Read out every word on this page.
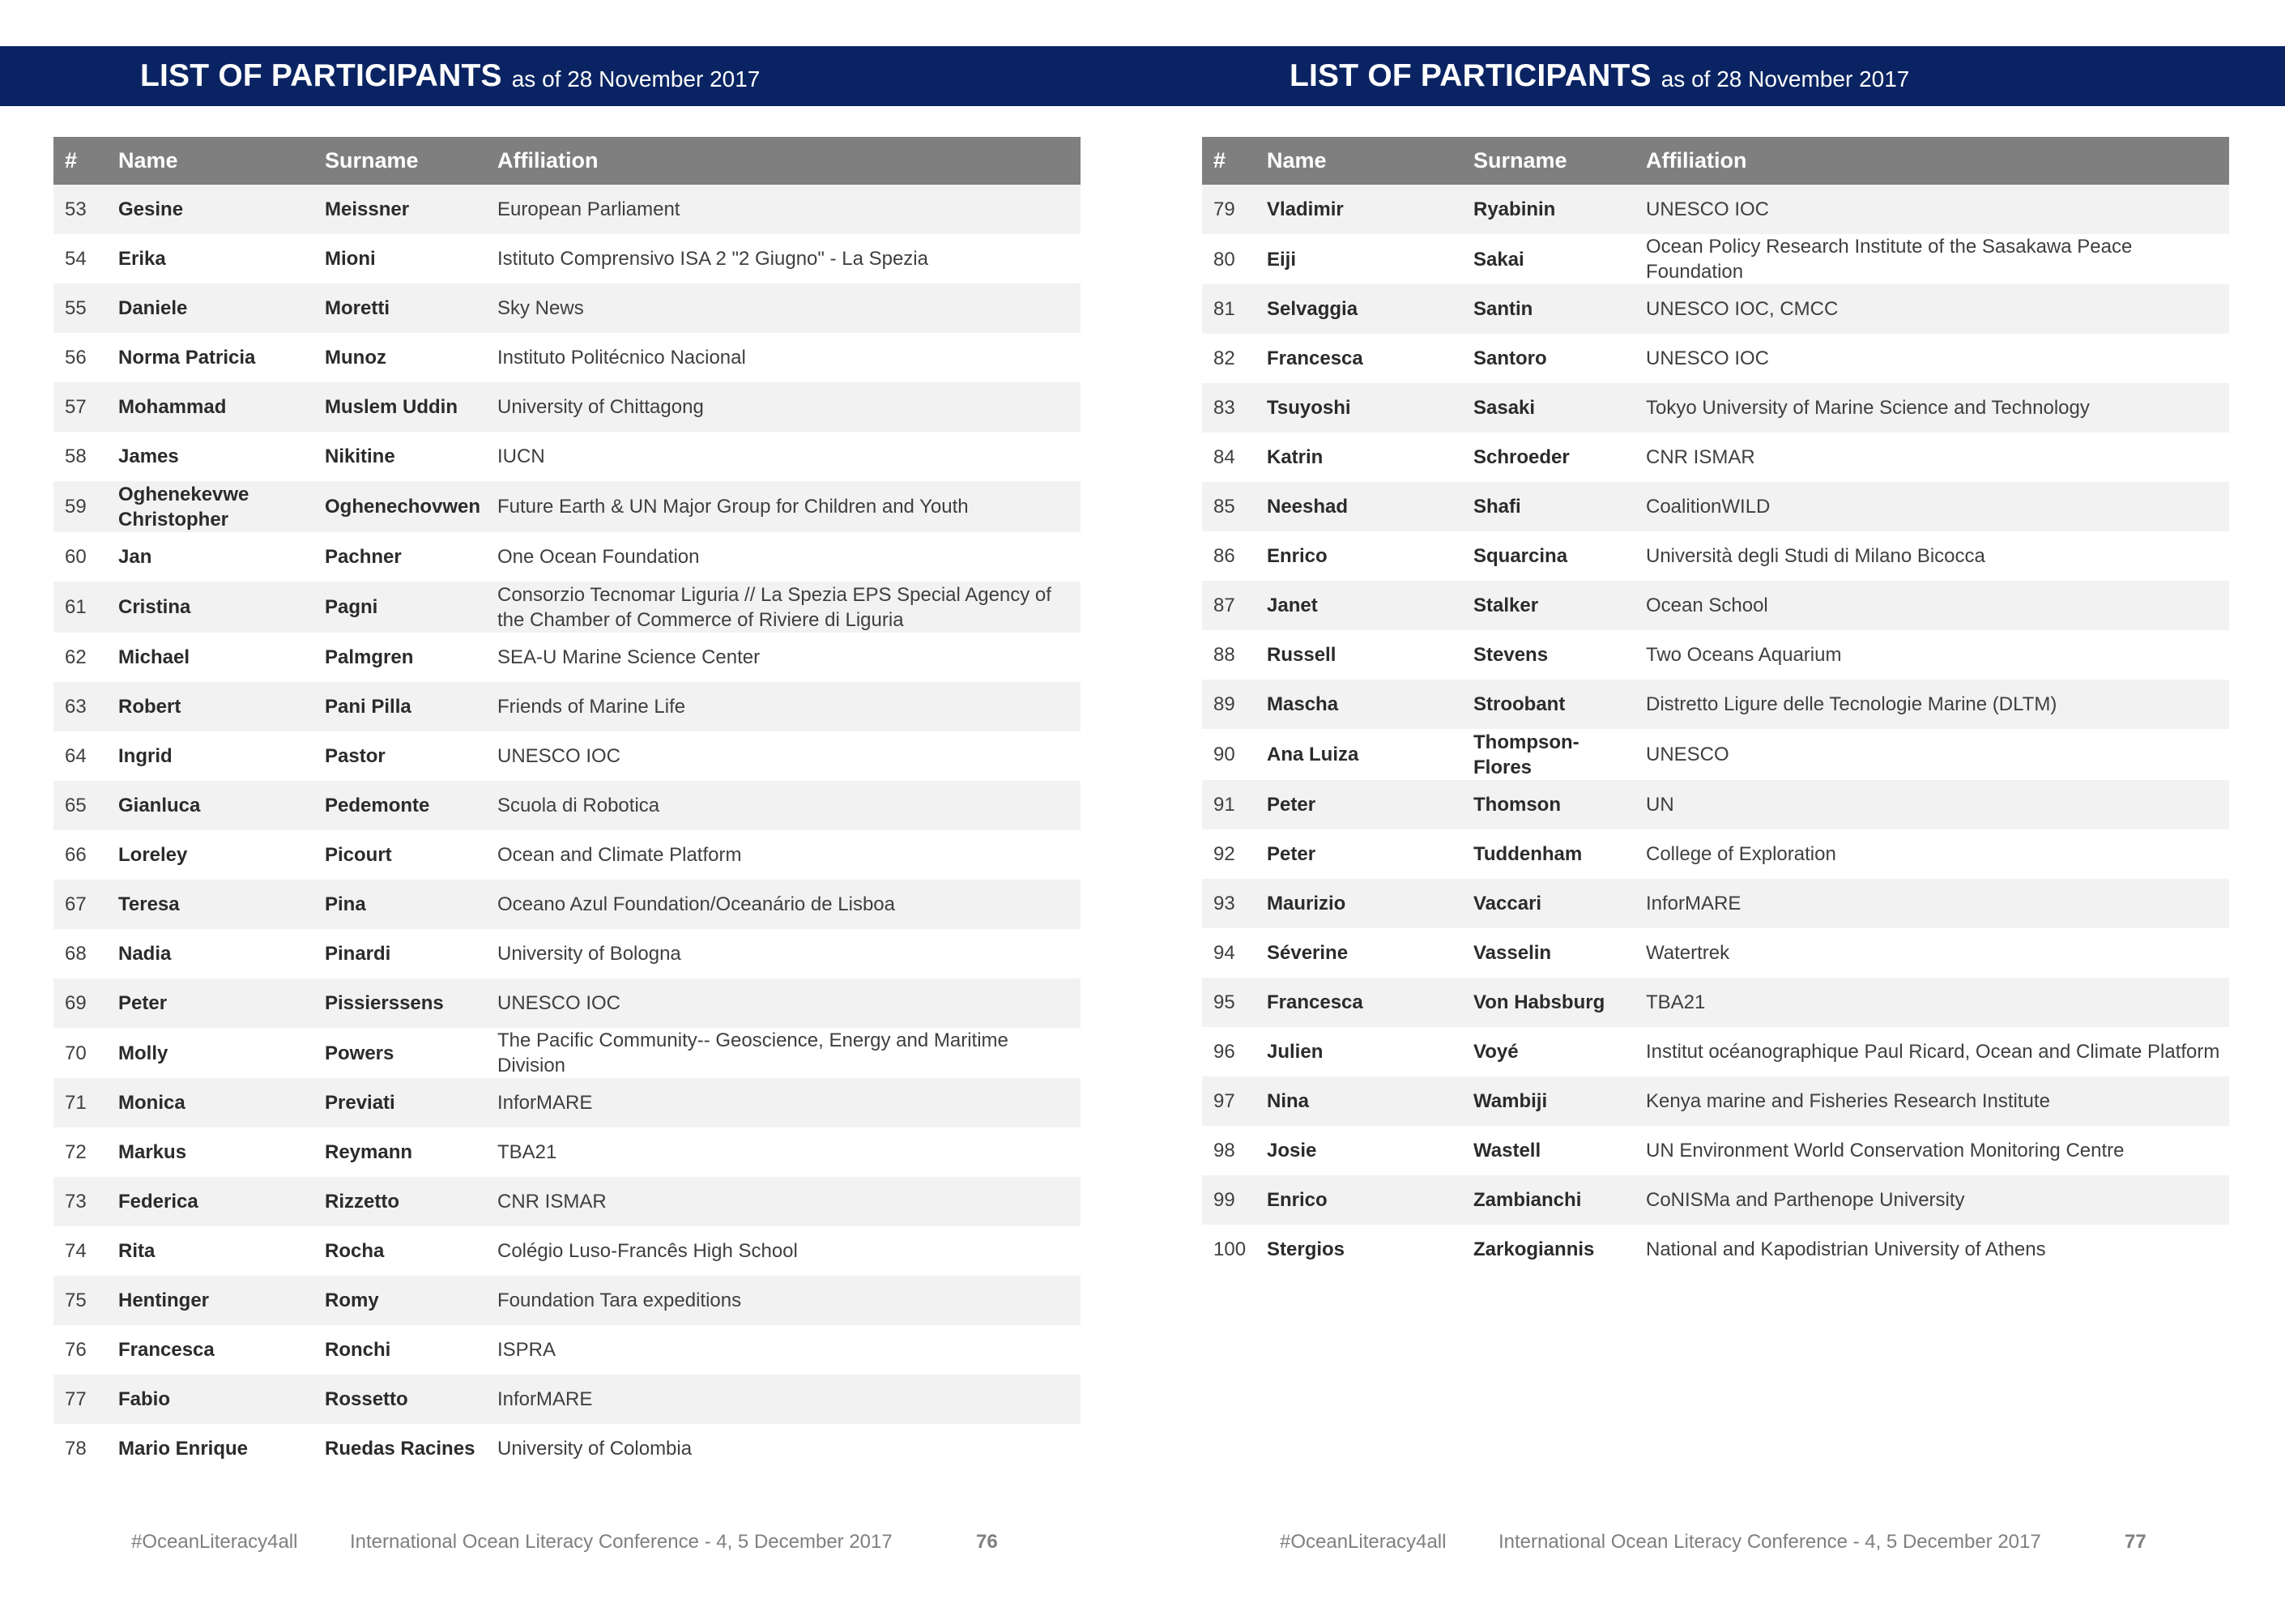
LIST OF PARTICIPANTS as of 28 November 2017	LIST OF PARTICIPANTS as of 28 November 2017
#	Name	Surname	Affiliation
53	Gesine	Meissner	European Parliament
54	Erika	Mioni	Istituto Comprensivo ISA 2 "2 Giugno" - La Spezia
55	Daniele	Moretti	Sky News
56	Norma Patricia	Munoz	Instituto Politécnico Nacional
57	Mohammad	Muslem Uddin	University of Chittagong
58	James	Nikitine	IUCN
59	Oghenekevwe Christopher	Oghenechovwen	Future Earth & UN Major Group for Children and Youth
60	Jan	Pachner	One Ocean Foundation
61	Cristina	Pagni	Consorzio Tecnomar Liguria // La Spezia EPS Special Agency of the Chamber of Commerce of Riviere di Liguria
62	Michael	Palmgren	SEA-U Marine Science Center
63	Robert	Pani Pilla	Friends of Marine Life
64	Ingrid	Pastor	UNESCO IOC
65	Gianluca	Pedemonte	Scuola di Robotica
66	Loreley	Picourt	Ocean and Climate Platform
67	Teresa	Pina	Oceano Azul Foundation/Oceanário de Lisboa
68	Nadia	Pinardi	University of Bologna
69	Peter	Pissierssens	UNESCO IOC
70	Molly	Powers	The Pacific Community-- Geoscience, Energy and Maritime Division
71	Monica	Previati	InforMARE
72	Markus	Reymann	TBA21
73	Federica	Rizzetto	CNR ISMAR
74	Rita	Rocha	Colégio Luso-Francês High School
75	Hentinger	Romy	Foundation Tara expeditions
76	Francesca	Ronchi	ISPRA
77	Fabio	Rossetto	InforMARE
78	Mario Enrique	Ruedas Racines	University of Colombia
#	Name	Surname	Affiliation
79	Vladimir	Ryabinin	UNESCO IOC
80	Eiji	Sakai	Ocean Policy Research Institute of the Sasakawa Peace Foundation
81	Selvaggia	Santin	UNESCO IOC, CMCC
82	Francesca	Santoro	UNESCO IOC
83	Tsuyoshi	Sasaki	Tokyo University of Marine Science and Technology
84	Katrin	Schroeder	CNR ISMAR
85	Neeshad	Shafi	CoalitionWILD
86	Enrico	Squarcina	Università degli Studi di Milano Bicocca
87	Janet	Stalker	Ocean School
88	Russell	Stevens	Two Oceans Aquarium
89	Mascha	Stroobant	Distretto Ligure delle Tecnologie Marine (DLTM)
90	Ana Luiza	Thompson-Flores	UNESCO
91	Peter	Thomson	UN
92	Peter	Tuddenham	College of Exploration
93	Maurizio	Vaccari	InforMARE
94	Séverine	Vasselin	Watertrek
95	Francesca	Von Habsburg	TBA21
96	Julien	Voyé	Institut océanographique Paul Ricard, Ocean and Climate Platform
97	Nina	Wambiji	Kenya marine and Fisheries Research Institute
98	Josie	Wastell	UN Environment World Conservation Monitoring Centre
99	Enrico	Zambianchi	CoNISMa and Parthenope University
100	Stergios	Zarkogiannis	National and Kapodistrian University of Athens
#OceanLiteracy4all	International Ocean Literacy Conference - 4, 5 December 2017	76	#OceanLiteracy4all	International Ocean Literacy Conference - 4, 5 December 2017	77
